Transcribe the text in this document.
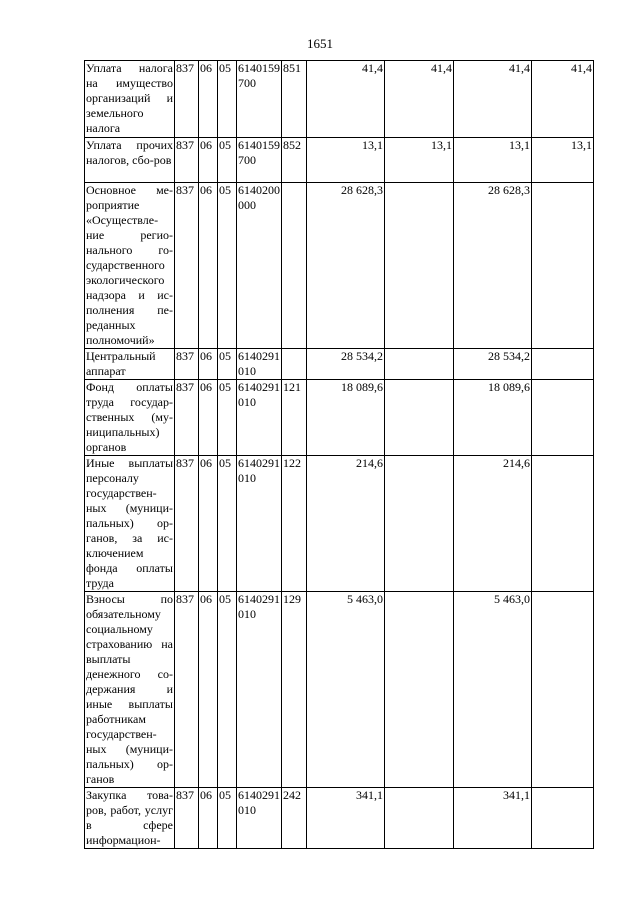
1651
Уплата налога на имущество организаций и земельного налога	837	06	05	6140159700	851	41,4	41,4	41,4	41,4
Уплата прочих налогов, сбо-ров	837	06	05	6140159700	852	13,1	13,1	13,1	13,1
Основное ме-роприятие «Осуществле-ние регио-нального го-сударственного экологического надзора и ис-полнения пе-реданных полномочий»	837	06	05	6140200000		28 628,3		28 628,3	
Центральный аппарат	837	06	05	6140291010		28 534,2		28 534,2	
Фонд оплаты труда государ-ственных (му-ниципальных) органов	837	06	05	6140291010	121	18 089,6		18 089,6	
Иные выплаты персоналу государствен-ных (муници-пальных) ор-ганов, за ис-ключением фонда оплаты труда	837	06	05	6140291010	122	214,6		214,6	
Взносы по обязательному социальному страхованию на выплаты денежного со-держания и иные выплаты работникам государствен-ных (муници-пальных) ор-ганов	837	06	05	6140291010	129	5 463,0		5 463,0	
Закупка това-ров, работ, услуг в сфере информацион-	837	06	05	6140291010	242	341,1		341,1	
